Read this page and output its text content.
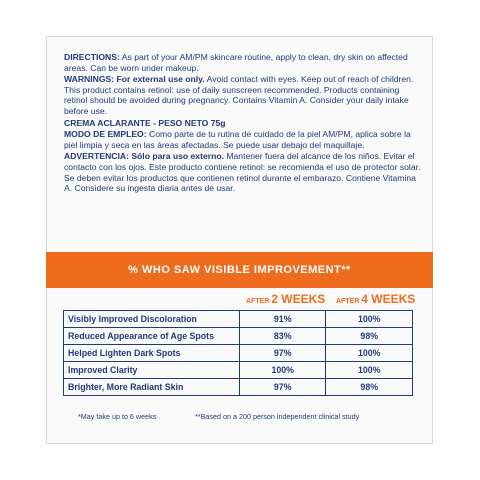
DIRECTIONS: As part of your AM/PM skincare routine, apply to clean, dry skin on affected areas. Can be worn under makeup.

WARNINGS: For external use only. Avoid contact with eyes. Keep out of reach of children. This product contains retinol: use of daily sunscreen recommended. Products containing retinol should be avoided during pregnancy. Contains Vitamin A. Consider your daily intake before use.

CREMA ACLARANTE - PESO NETO 75g

MODO DE EMPLEO: Como parte de tu rutina de cuidado de la piel AM/PM, aplica sobre la piel limpia y seca en las áreas afectadas. Se puede usar debajo del maquillaje.

ADVERTENCIA: Sólo para uso externo. Mantener fuera del alcance de los niños. Evitar el contacto con los ojos. Este producto contiene retinol: se recomienda el uso de protector solar. Se deben evitar los productos que contienen retinol durante el embarazo. Contiene Vitamina A. Considere su ingesta diaria antes de usar.

% WHO SAW VISIBLE IMPROVEMENT**
AFTER 2 WEEKS AFTER 4 WEEKS
Visibly Improved Discoloration	91%	100%
Reduced Appearance of Age Spots	83%	98%
Helped Lighten Dark Spots	97%	100%
Improved Clarity	100%	100%
Brighter, More Radiant Skin	97%	98%
*May take up to 6 weeks	**Based on a 200 person independent clinical study
